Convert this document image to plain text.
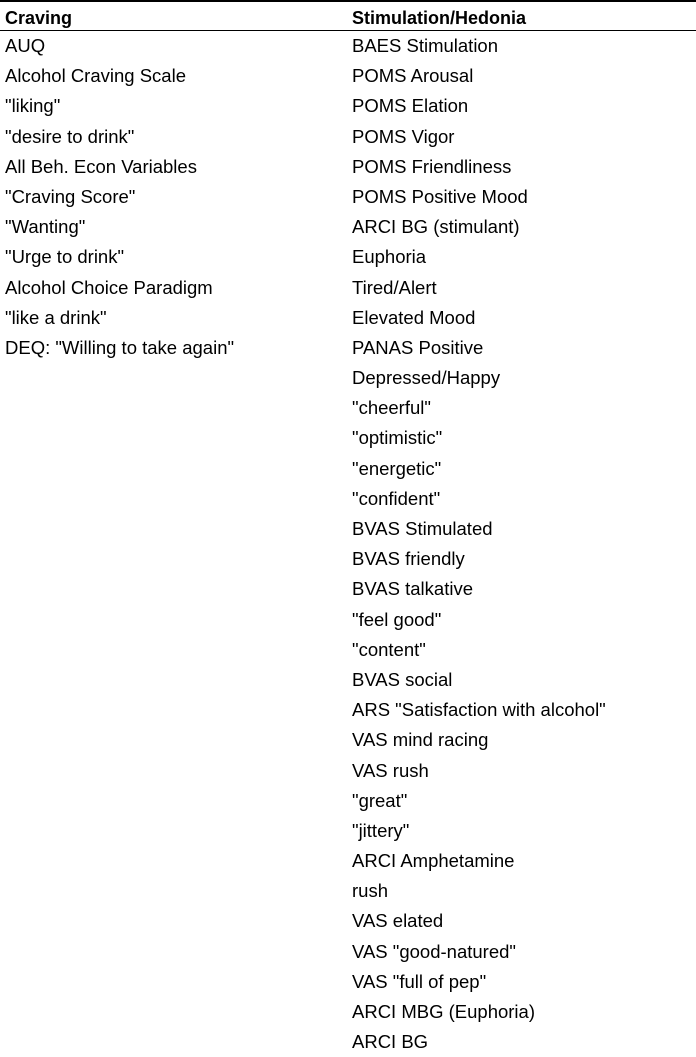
Craving	Stimulation/Hedonia
AUQ
Alcohol Craving Scale
"liking"
"desire to drink"
All Beh. Econ Variables
"Craving Score"
"Wanting"
"Urge to drink"
Alcohol Choice Paradigm
"like a drink"
DEQ: "Willing to take again"
BAES Stimulation
POMS Arousal
POMS Elation
POMS Vigor
POMS Friendliness
POMS Positive Mood
ARCI BG (stimulant)
Euphoria
Tired/Alert
Elevated Mood
PANAS Positive
Depressed/Happy
"cheerful"
"optimistic"
"energetic"
"confident"
BVAS Stimulated
BVAS friendly
BVAS talkative
"feel good"
"content"
BVAS social
ARS "Satisfaction with alcohol"
VAS mind racing
VAS rush
"great"
"jittery"
ARCI Amphetamine
rush
VAS elated
VAS "good-natured"
VAS "full of pep"
ARCI MBG (Euphoria)
ARCI BG
